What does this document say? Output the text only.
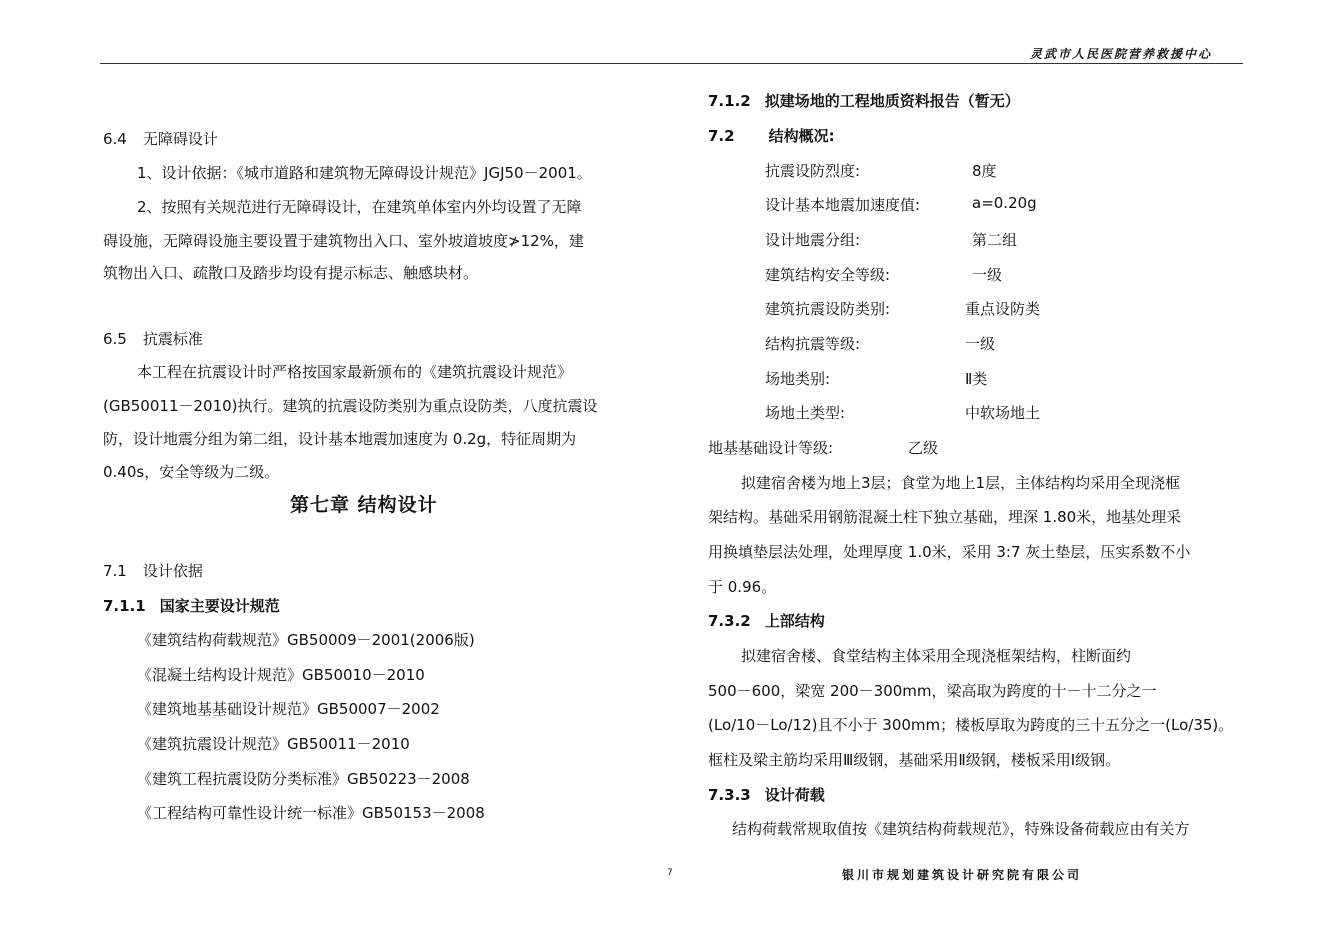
灵武市人民医院营养救援中心
6.4 无障碍设计
1、设计依据：《城市道路和建筑物无障碍设计规范》JGJ50－2001。
2、按照有关规范进行无障碍设计，在建筑单体室内外均设置了无障
碍设施，无障碍设施主要设置于建筑物出入口、室外坡道坡度≯12%，建
筑物出入口、疏散口及踏步均设有提示标志、触感块材。
6.5 抗震标准
本工程在抗震设计时严格按国家最新颁布的《建筑抗震设计规范》
(GB50011－2010)执行。建筑的抗震设防类别为重点设防类，八度抗震设
防，设计地震分组为第二组，设计基本地震加速度为 0.2g，特征周期为
0.40s，安全等级为二级。
第七章 结构设计
7.1 设计依据
7.1.1 国家主要设计规范
《建筑结构荷载规范》GB50009－2001(2006版)
《混凝土结构设计规范》GB50010－2010
《建筑地基基础设计规范》GB50007－2002
《建筑抗震设计规范》GB50011－2010
《建筑工程抗震设防分类标准》GB50223－2008
《工程结构可靠性设计统一标准》GB50153－2008
7.1.2 拟建场地的工程地质资料报告（暂无）
7.2 结构概况:
抗震设防烈度:	8度
设计基本地震加速度值:	a=0.20g
设计地震分组:	第二组
建筑结构安全等级:	一级
建筑抗震设防类别:	重点设防类
结构抗震等级:	一级
场地类别:	Ⅱ类
场地土类型:	中软场地土
地基基础设计等级:	乙级
拟建宿舍楼为地上3层；食堂为地上1层，主体结构均采用全现浇框
架结构。基础采用钢筋混凝土柱下独立基础，埋深 1.80米，地基处理采
用换填垫层法处理，处理厚度 1.0米，采用 3:7 灰土垫层，压实系数不小
于 0.96。
7.3.2 上部结构
拟建宿舍楼、食堂结构主体采用全现浇框架结构，柱断面约
500－600，梁宽 200－300mm，梁高取为跨度的十－十二分之一
(Lo/10－Lo/12)且不小于 300mm；楼板厚取为跨度的三十五分之一(Lo/35)。
框柱及梁主筋均采用Ⅲ级钢，基础采用Ⅱ级钢，楼板采用Ⅰ级钢。
7.3.3 设计荷载
结构荷载常规取值按《建筑结构荷载规范》，特殊设备荷载应由有关方
7	银川市规划建筑设计研究院有限公司
